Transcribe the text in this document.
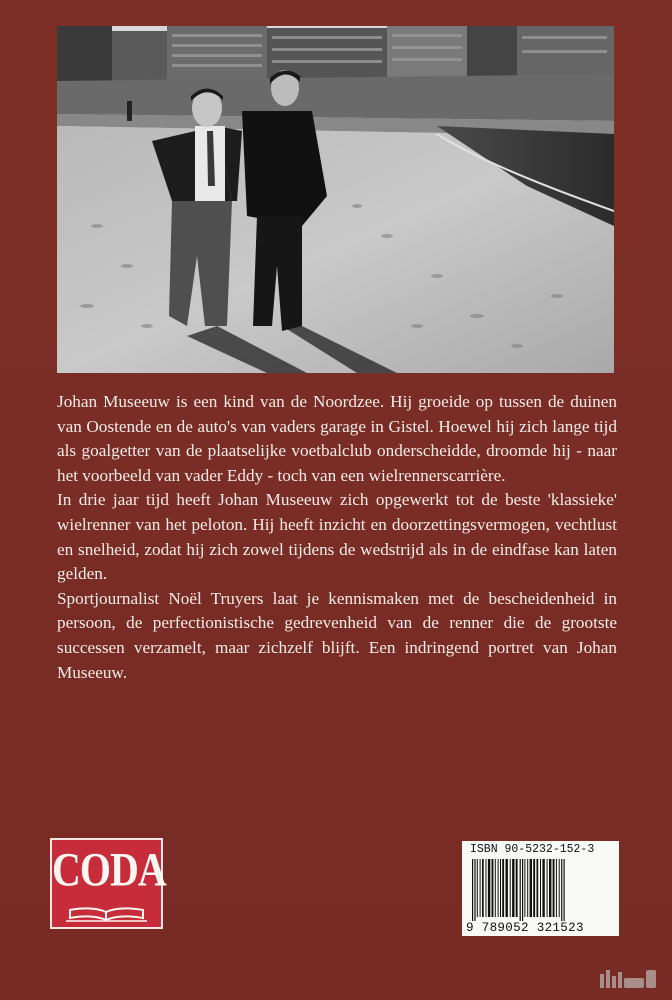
Johan Museeuw is een kind van de Noordzee. Hij groeide op tussen de duinen van Oostende en de auto's van vaders garage in Gistel. Hoewel hij zich lange tijd als goalgetter van de plaatselijke voetbalclub onderscheidde, droomde hij - naar het voorbeeld van vader Eddy - toch van een wielrennerscarrière.

In drie jaar tijd heeft Johan Museeuw zich opgewerkt tot de beste 'klassieke' wielrenner van het peloton. Hij heeft inzicht en doorzettingsvermogen, vechtlust en snelheid, zodat hij zich zowel tijdens de wedstrijd als in de eindfase kan laten gelden.

Sportjournalist Noël Truyers laat je kennismaken met de bescheidenheid in persoon, de perfectionistische gedrevenheid van de renner die de grootste successen verzamelt, maar zichzelf blijft. Een indringend portret van Johan Museeuw.

CODA	ISBN 90-5232-152-3
9 789052 321523
